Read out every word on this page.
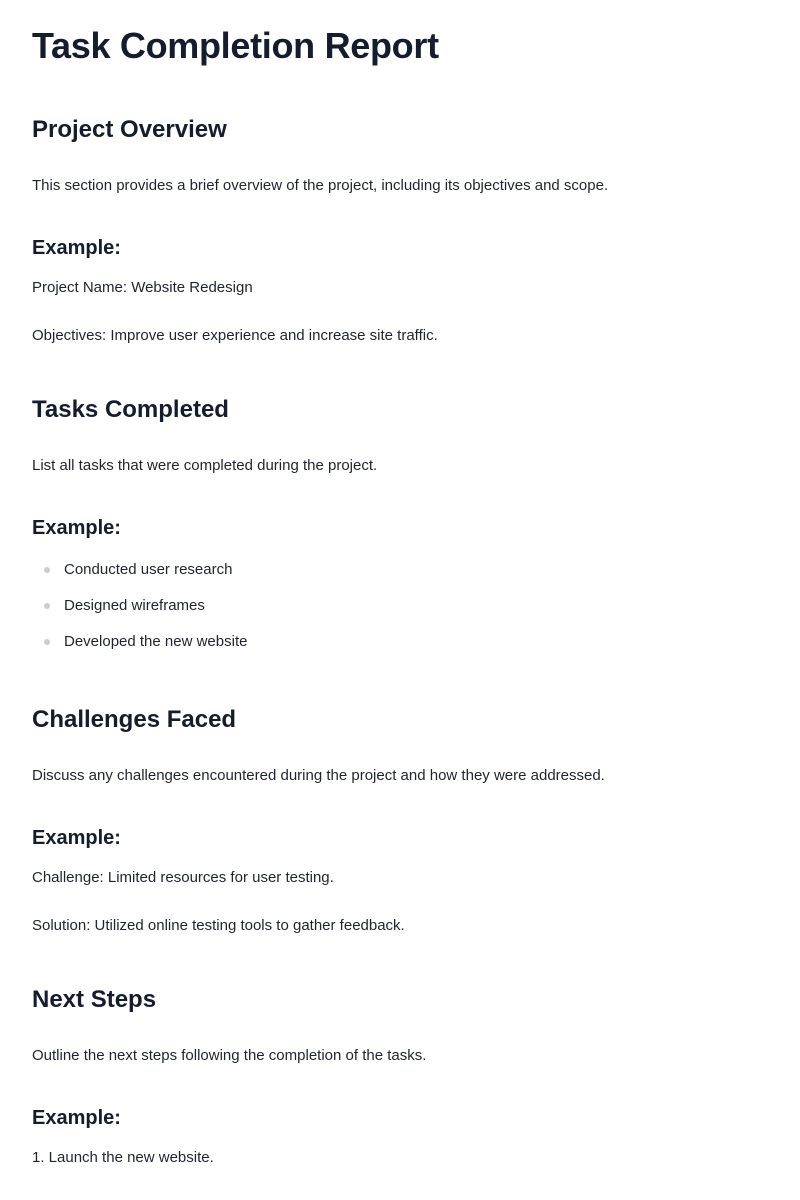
Task Completion Report
Project Overview

This section provides a brief overview of the project, including its objectives and scope.

Example:

Project Name: Website Redesign

Objectives: Improve user experience and increase site traffic.

Tasks Completed

List all tasks that were completed during the project.

Example:
Conducted user research
Designed wireframes
Developed the new website
Challenges Faced

Discuss any challenges encountered during the project and how they were addressed.

Example:

Challenge: Limited resources for user testing.

Solution: Utilized online testing tools to gather feedback.

Next Steps

Outline the next steps following the completion of the tasks.

Example:

1. Launch the new website.
